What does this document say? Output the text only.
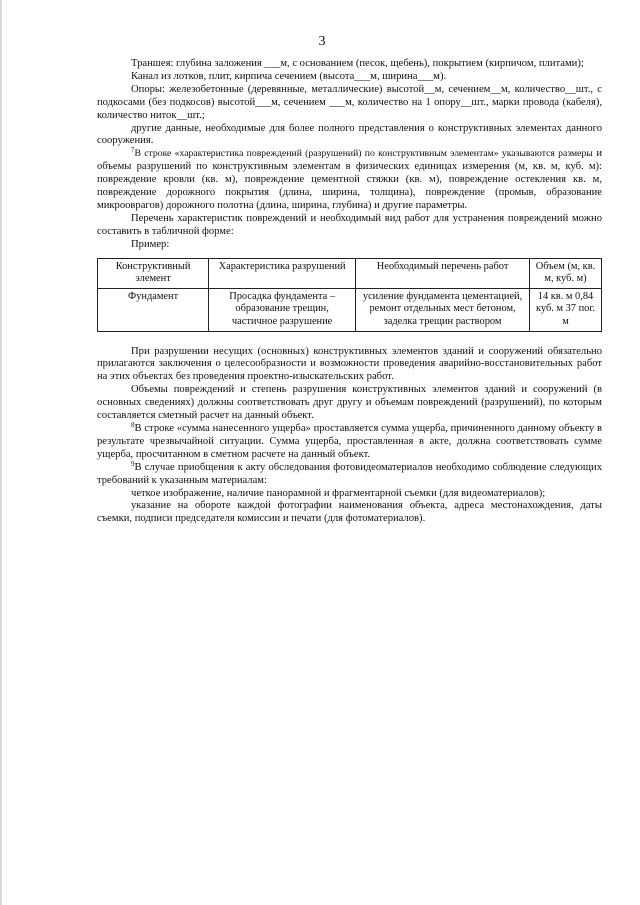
3

Траншея: глубина заложения ___м, с основанием (песок, щебень), покрытием (кирпичом, плитами);

Канал из лотков, плит, кирпича сечением (высота___м, ширина___м).

Опоры: железобетонные (деревянные, металлические) высотой__м, сечением__м, количество__шт., с подкосами (без подкосов) высотой___м, сечением ___м, количество на 1 опору__шт., марки провода (кабеля), количество ниток__шт.;

другие данные, необходимые для более полного представления о конструктивных элементах данного сооружения.

$^7$В строке «характеристика повреждений (разрушений) по конструктивным элементам» указываются размеры и объемы разрушений по конструктивным элементам в физических единицах измерения (м, кв. м, куб. м): повреждение кровли (кв. м), повреждение цементной стяжки (кв. м), повреждение остекления кв. м, повреждение дорожного покрытия (длина, ширина, толщина), повреждение (промыв, образование микрооврагов) дорожного полотна (длина, ширина, глубина) и другие параметры.

Перечень характеристик повреждений и необходимый вид работ для устранения повреждений можно составить в табличной форме:

Пример:

Конструктивный элемент	Характеристика разрушений	Необходимый перечень работ	Объем (м, кв. м, куб. м)
Фундамент	Просадка фундамента – образование трещин, частичное разрушение	усиление фундамента цементацией, ремонт отдельных мест бетоном, заделка трещин раствором	14 кв. м 0,84 куб. м 37 пог. м

При разрушении несущих (основных) конструктивных элементов зданий и сооружений обязательно прилагаются заключения о целесообразности и возможности проведения аварийно-восстановительных работ на этих объектах без проведения проектно-изыскательских работ.

Объемы повреждений и степень разрушения конструктивных элементов зданий и сооружений (в основных сведениях) должны соответствовать друг другу и объемам повреждений (разрушений), по которым составляется сметный расчет на данный объект.

$^8$В строке «сумма нанесенного ущерба» проставляется сумма ущерба, причиненного данному объекту в результате чрезвычайной ситуации. Сумма ущерба, проставленная в акте, должна соответствовать сумме ущерба, просчитанном в сметном расчете на данный объект.

$^9$В случае приобщения к акту обследования фотовидеоматериалов необходимо соблюдение следующих требований к указанным материалам:

четкое изображение, наличие панорамной и фрагментарной съемки (для видеоматериалов);

указание на обороте каждой фотографии наименования объекта, адреса местонахождения, даты съемки, подписи председателя комиссии и печати (для фотоматериалов).
